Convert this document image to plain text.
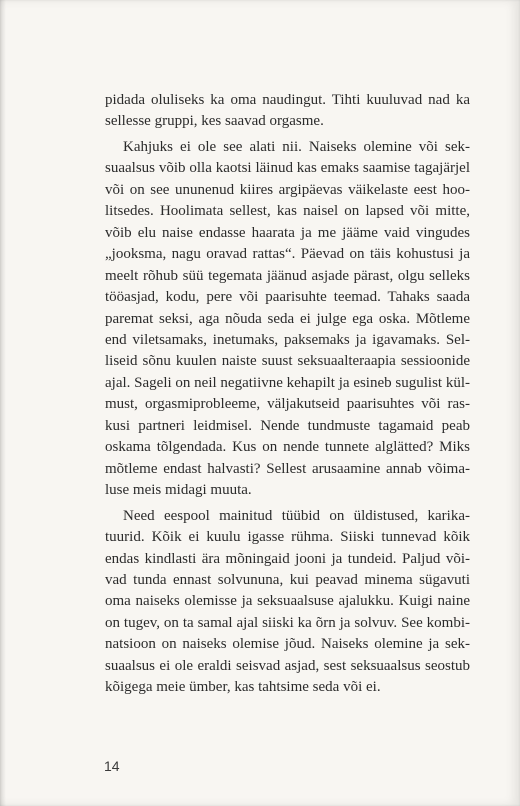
pidada oluliseks ka oma naudingut. Tihti kuuluvad nad ka
sellesse gruppi, kes saavad orgasme.
Kahjuks ei ole see alati nii. Naiseks olemine või sek-
suaalsus võib olla kaotsi läinud kas emaks saamise tagajärjel
või on see ununenud kiires argipäevas väikelaste eest hoo-
litsedes. Hoolimata sellest, kas naisel on lapsed või mitte,
võib elu naise endasse haarata ja me jääme vaid vingudes
„jooksma, nagu oravad rattas“. Päevad on täis kohustusi ja
meelt rõhub süü tegemata jäänud asjade pärast, olgu selleks
tööasjad, kodu, pere või paarisuhte teemad. Tahaks saada
paremat seksi, aga nõuda seda ei julge ega oska. Mõtleme
end viletsamaks, inetumaks, paksemaks ja igavamaks. Sel-
liseid sõnu kuulen naiste suust seksuaalteraapia sessioonide
ajal. Sageli on neil negatiivne kehapilt ja esineb sugulist kül-
must, orgasmiprobleeme, väljakutseid paarisuhtes või ras-
kusi partneri leidmisel. Nende tundmuste tagamaid peab
oskama tõlgendada. Kus on nende tunnete alglätted? Miks
mõtleme endast halvasti? Sellest arusaamine annab võima-
luse meis midagi muuta.
Need eespool mainitud tüübid on üldistused, karika-
tuurid. Kõik ei kuulu igasse rühma. Siiski tunnevad kõik
endas kindlasti ära mõningaid jooni ja tundeid. Paljud või-
vad tunda ennast solvununa, kui peavad minema sügavuti
oma naiseks olemisse ja seksuaalsuse ajalukku. Kuigi naine
on tugev, on ta samal ajal siiski ka õrn ja solvuv. See kombi-
natsioon on naiseks olemise jõud. Naiseks olemine ja sek-
suaalsus ei ole eraldi seisvad asjad, sest seksuaalsus seostub
kõigega meie ümber, kas tahtsime seda või ei.
14
